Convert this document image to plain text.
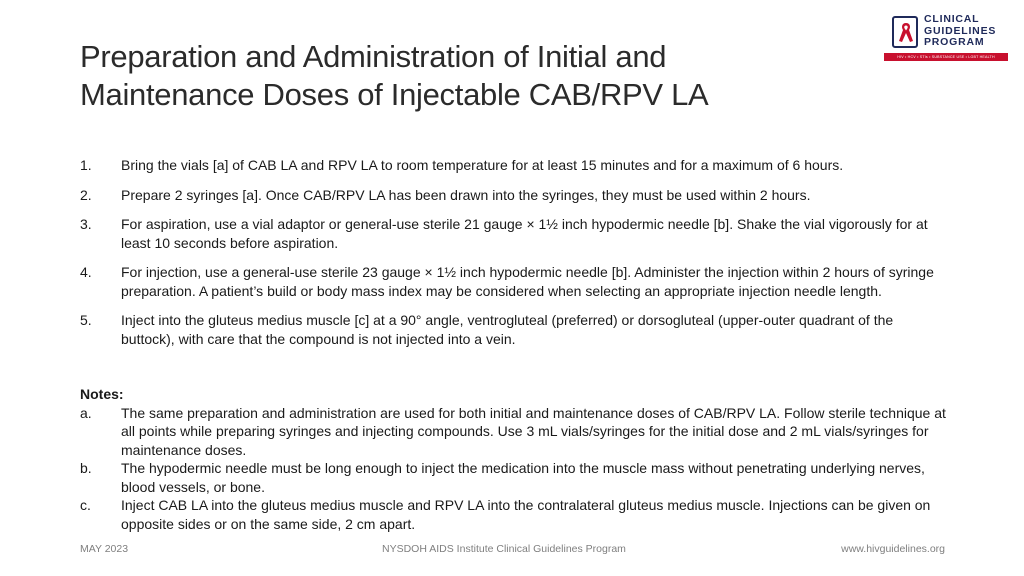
Preparation and Administration of Initial and
Maintenance Doses of Injectable CAB/RPV LA
CLINICAL
GUIDELINES
PROGRAM
HIV • HCV • STIs • SUBSTANCE USE • LGBT HEALTH
1.	Bring the vials [a] of CAB LA and RPV LA to room temperature for at least 15 minutes and for a maximum of 6 hours.
2.	Prepare 2 syringes [a]. Once CAB/RPV LA has been drawn into the syringes, they must be used within 2 hours.
3.	For aspiration, use a vial adaptor or general-use sterile 21 gauge × 1½ inch hypodermic needle [b]. Shake the vial vigorously for at least 10 seconds before aspiration.
4.	For injection, use a general-use sterile 23 gauge × 1½ inch hypodermic needle [b]. Administer the injection within 2 hours of syringe preparation. A patient’s build or body mass index may be considered when selecting an appropriate injection needle length.
5.	Inject into the gluteus medius muscle [c] at a 90° angle, ventrogluteal (preferred) or dorsogluteal (upper-outer quadrant of the buttock), with care that the compound is not injected into a vein.
Notes:
a.	The same preparation and administration are used for both initial and maintenance doses of CAB/RPV LA. Follow sterile technique at all points while preparing syringes and injecting compounds. Use 3 mL vials/syringes for the initial dose and 2 mL vials/syringes for maintenance doses.
b.	The hypodermic needle must be long enough to inject the medication into the muscle mass without penetrating underlying nerves, blood vessels, or bone.
c.	Inject CAB LA into the gluteus medius muscle and RPV LA into the contralateral gluteus medius muscle. Injections can be given on opposite sides or on the same side, 2 cm apart.
MAY 2023	NYSDOH AIDS Institute Clinical Guidelines Program	www.hivguidelines.org
